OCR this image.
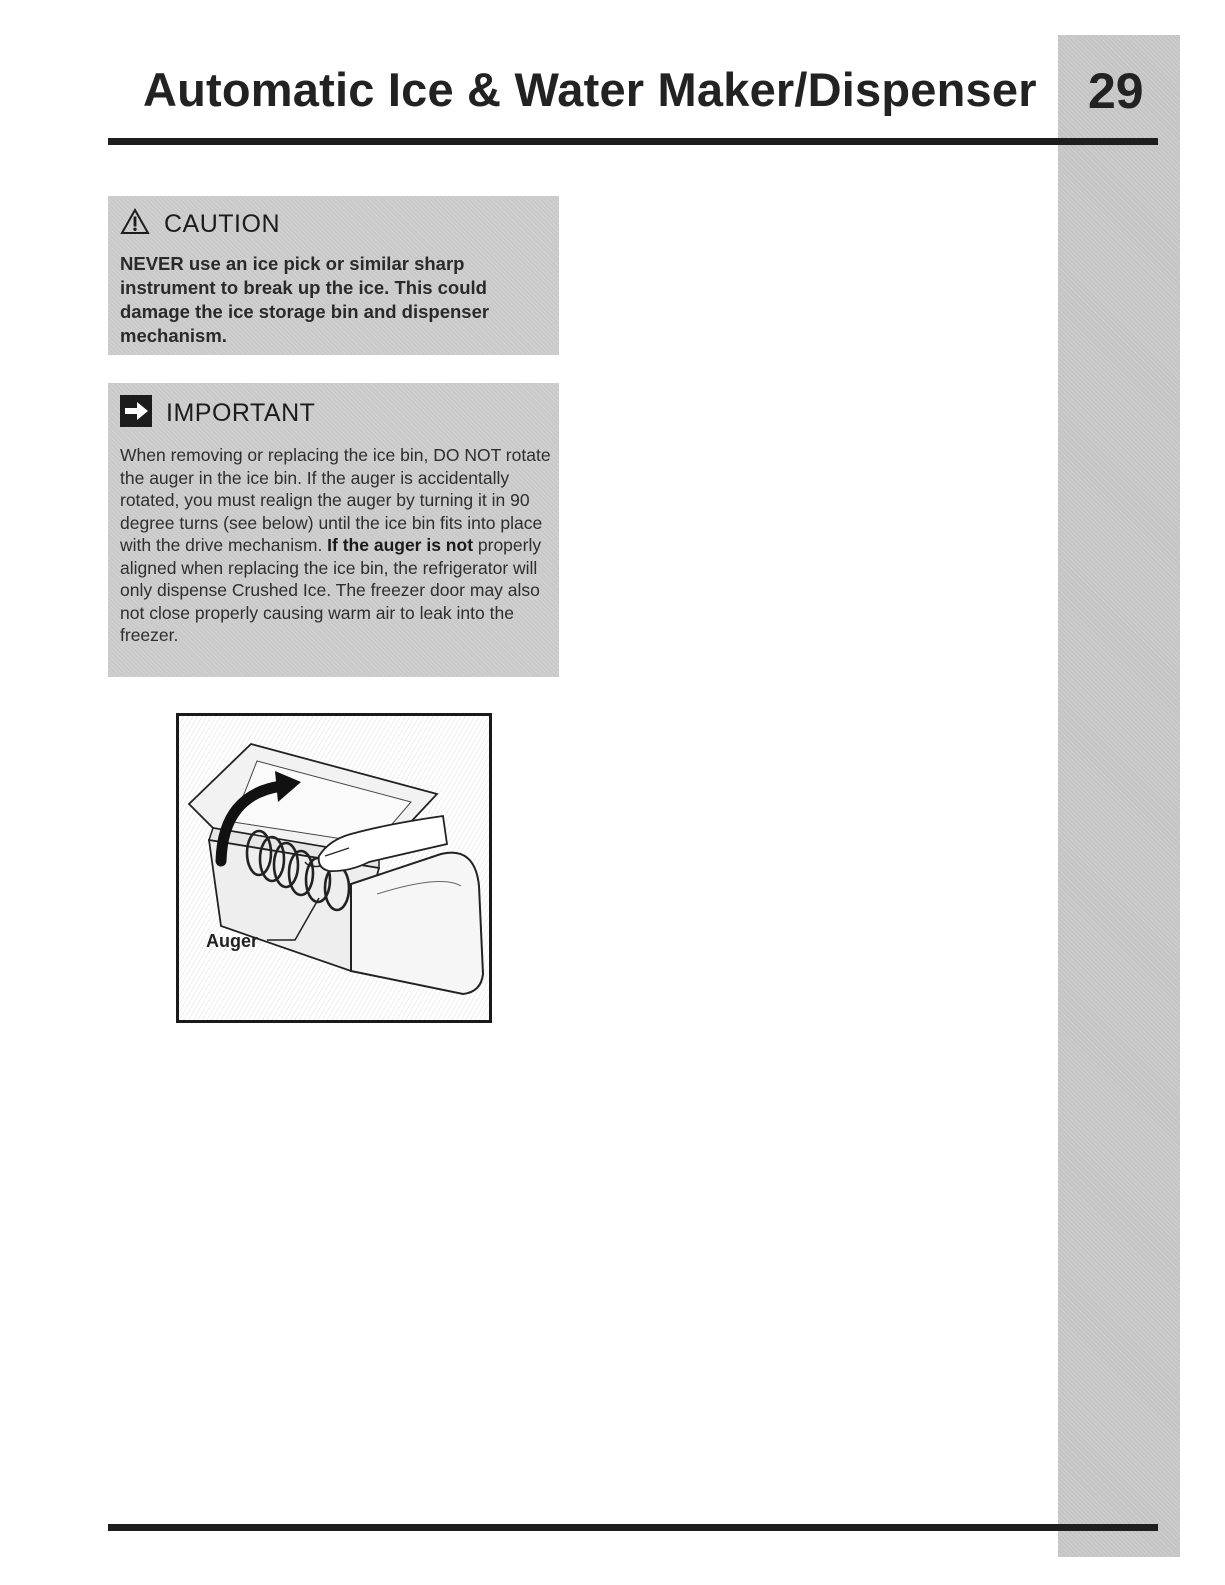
Automatic Ice & Water Maker/Dispenser 29
CAUTION
NEVER use an ice pick or similar sharp instrument to break up the ice. This could damage the ice storage bin and dispenser mechanism.
IMPORTANT
When removing or replacing the ice bin, DO NOT rotate the auger in the ice bin. If the auger is accidentally rotated, you must realign the auger by turning it in 90 degree turns (see below) until the ice bin fits into place with the drive mechanism. If the auger is not properly aligned when replacing the ice bin, the refrigerator will only dispense Crushed Ice. The freezer door may also not close properly causing warm air to leak into the freezer.
Auger
